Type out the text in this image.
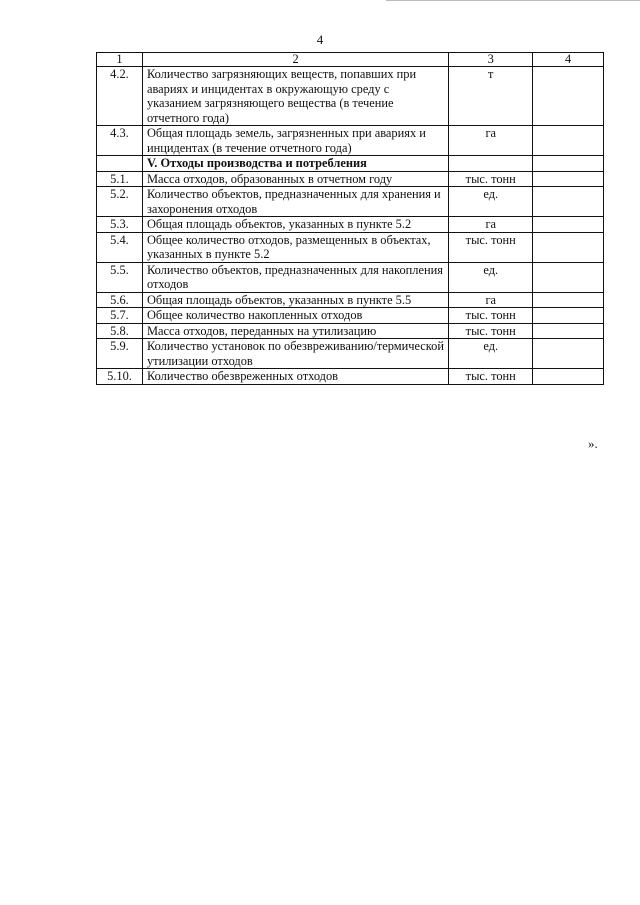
4
1	2	3	4
4.2.	Количество загрязняющих веществ, попавших при авариях и инцидентах в окружающую среду с указанием загрязняющего вещества (в течение отчетного года)	т	
4.3.	Общая площадь земель, загрязненных при авариях и инцидентах (в течение отчетного года)	га	
	V. Отходы производства и потребления		
5.1.	Масса отходов, образованных в отчетном году	тыс. тонн	
5.2.	Количество объектов, предназначенных для хранения и захоронения отходов	ед.	
5.3.	Общая площадь объектов, указанных в пункте 5.2	га	
5.4.	Общее количество отходов, размещенных в объектах, указанных в пункте 5.2	тыс. тонн	
5.5.	Количество объектов, предназначенных для накопления отходов	ед.	
5.6.	Общая площадь объектов, указанных в пункте 5.5	га	
5.7.	Общее количество накопленных отходов	тыс. тонн	
5.8.	Масса отходов, переданных на утилизацию	тыс. тонн	
5.9.	Количество установок по обезвреживанию/термической утилизации отходов	ед.	
5.10.	Количество обезвреженных отходов	тыс. тонн	
».
